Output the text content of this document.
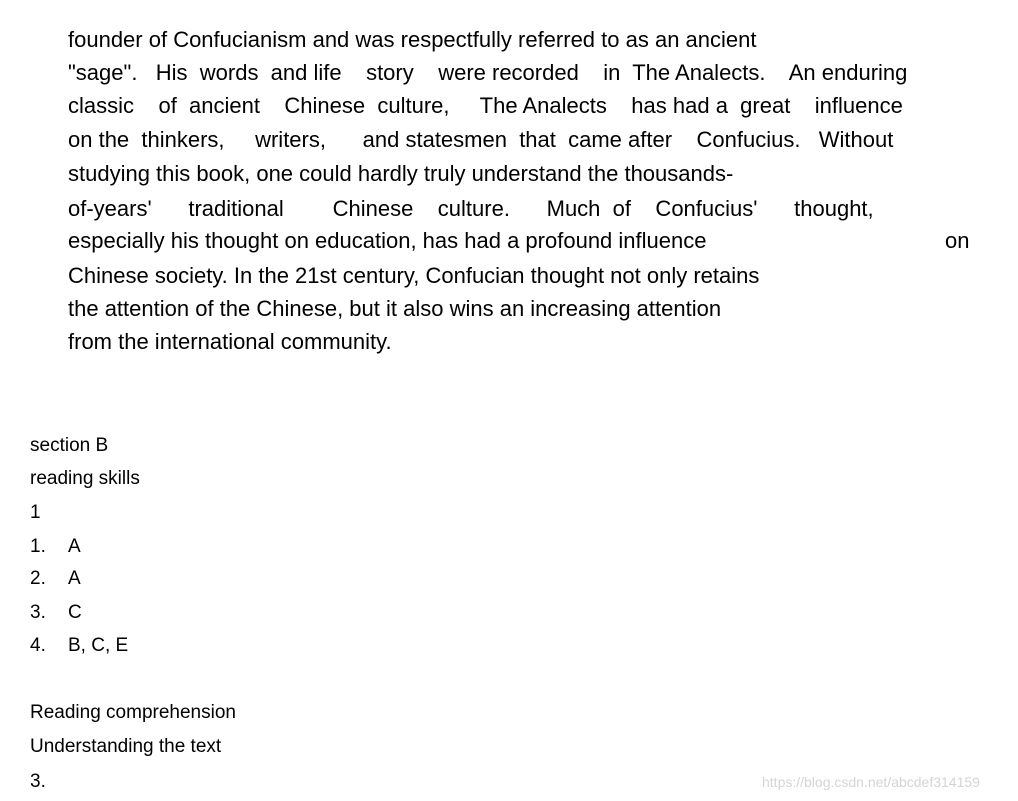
founder of Confucianism and was respectfully referred to as an ancient
"sage".   His  words  and life    story    were recorded    in  The Analects.    An enduring
classic    of  ancient    Chinese  culture,     The Analects    has had a  great    influence
on the  thinkers,     writers,      and statesmen  that  came after    Confucius.   Without
studying this book, one could hardly truly understand the thousands-
of-years'      traditional        Chinese    culture.      Much  of    Confucius'      thought,
especially his thought on education, has had a profound influence	on
Chinese society. In the 21st century, Confucian thought not only retains
the attention of the Chinese, but it also wins an increasing attention
from the international community.
section B
reading skills
1
1. A
2. A
3. C
4. B, C, E
Reading comprehension
Understanding the text
3.	https://blog.csdn.net/abcdef314159
